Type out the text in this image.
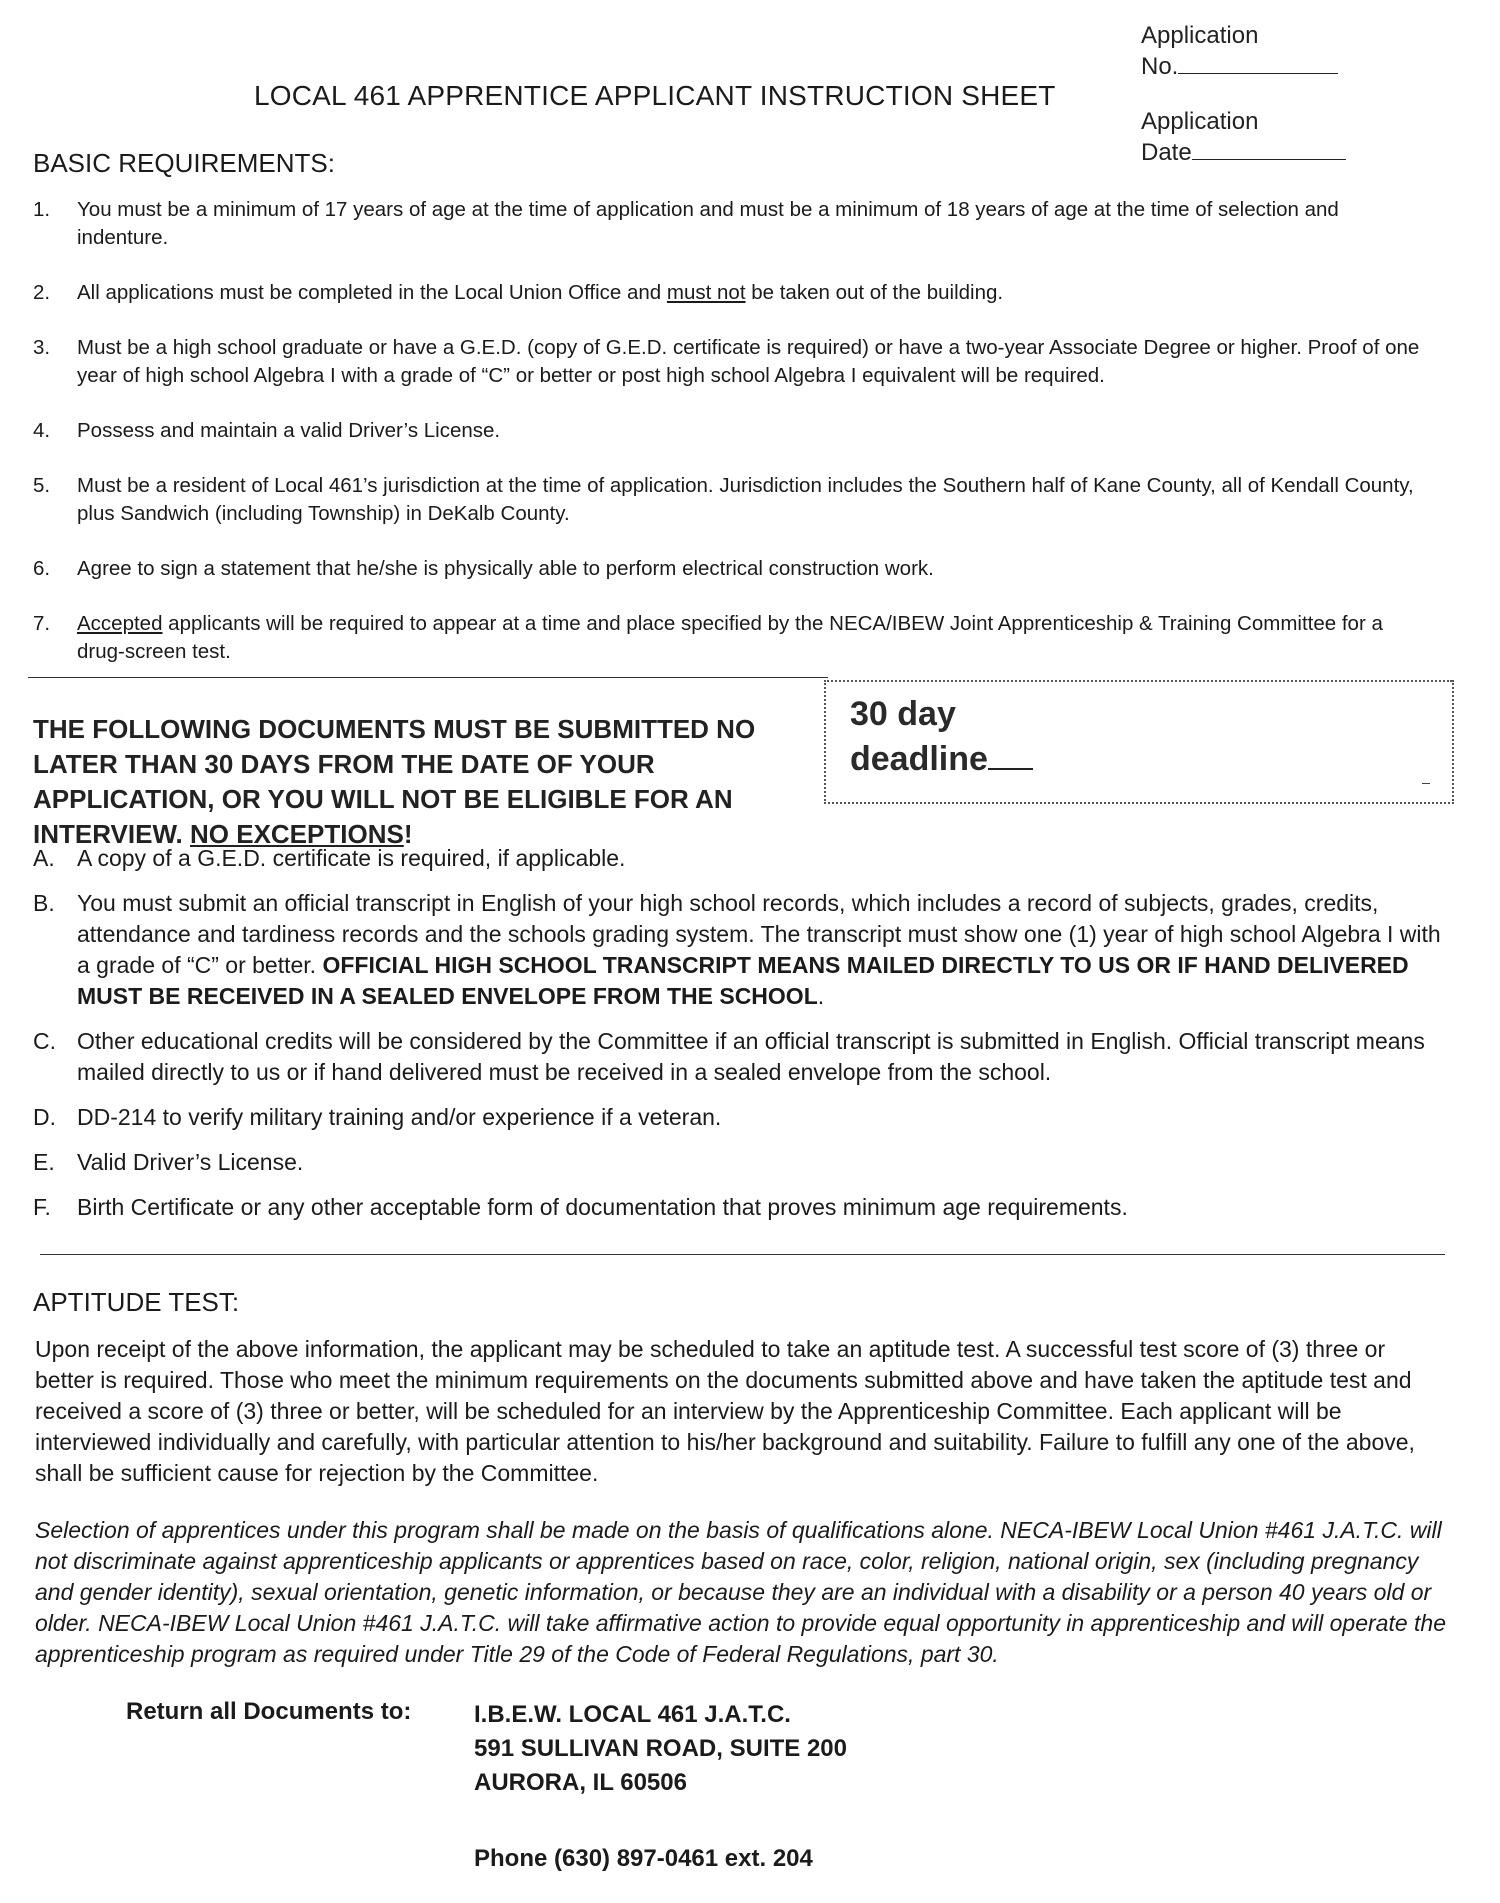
Application
No.
Application
Date
LOCAL 461 APPRENTICE APPLICANT INSTRUCTION SHEET
BASIC REQUIREMENTS:
1. You must be a minimum of 17 years of age at the time of application and must be a minimum of 18 years of age at the time of selection and indenture.
2. All applications must be completed in the Local Union Office and must not be taken out of the building.
3. Must be a high school graduate or have a G.E.D. (copy of G.E.D. certificate is required) or have a two-year Associate Degree or higher. Proof of one year of high school Algebra I with a grade of “C” or better or post high school Algebra I equivalent will be required.
4. Possess and maintain a valid Driver’s License.
5. Must be a resident of Local 461’s jurisdiction at the time of application. Jurisdiction includes the Southern half of Kane County, all of Kendall County, plus Sandwich (including Township) in DeKalb County.
6. Agree to sign a statement that he/she is physically able to perform electrical construction work.
7. Accepted applicants will be required to appear at a time and place specified by the NECA/IBEW Joint Apprenticeship & Training Committee for a drug-screen test.
30 day
deadline
THE FOLLOWING DOCUMENTS MUST BE SUBMITTED NO LATER THAN 30 DAYS FROM THE DATE OF YOUR APPLICATION, OR YOU WILL NOT BE ELIGIBLE FOR AN INTERVIEW. NO EXCEPTIONS!
A. A copy of a G.E.D. certificate is required, if applicable.
B. You must submit an official transcript in English of your high school records, which includes a record of subjects, grades, credits, attendance and tardiness records and the schools grading system. The transcript must show one (1) year of high school Algebra I with a grade of “C” or better. OFFICIAL HIGH SCHOOL TRANSCRIPT MEANS MAILED DIRECTLY TO US OR IF HAND DELIVERED MUST BE RECEIVED IN A SEALED ENVELOPE FROM THE SCHOOL.
C. Other educational credits will be considered by the Committee if an official transcript is submitted in English. Official transcript means mailed directly to us or if hand delivered must be received in a sealed envelope from the school.
D. DD-214 to verify military training and/or experience if a veteran.
E. Valid Driver’s License.
F. Birth Certificate or any other acceptable form of documentation that proves minimum age requirements.
APTITUDE TEST:

Upon receipt of the above information, the applicant may be scheduled to take an aptitude test. A successful test score of (3) three or better is required. Those who meet the minimum requirements on the documents submitted above and have taken the aptitude test and received a score of (3) three or better, will be scheduled for an interview by the Apprenticeship Committee. Each applicant will be interviewed individually and carefully, with particular attention to his/her background and suitability. Failure to fulfill any one of the above, shall be sufficient cause for rejection by the Committee.

Selection of apprentices under this program shall be made on the basis of qualifications alone. NECA-IBEW Local Union #461 J.A.T.C. will not discriminate against apprenticeship applicants or apprentices based on race, color, religion, national origin, sex (including pregnancy and gender identity), sexual orientation, genetic information, or because they are an individual with a disability or a person 40 years old or older. NECA-IBEW Local Union #461 J.A.T.C. will take affirmative action to provide equal opportunity in apprenticeship and will operate the apprenticeship program as required under Title 29 of the Code of Federal Regulations, part 30.

Return all Documents to:	I.B.E.W. LOCAL 461 J.A.T.C.
591 SULLIVAN ROAD, SUITE 200
AURORA, IL 60506
Phone (630) 897-0461 ext. 204
